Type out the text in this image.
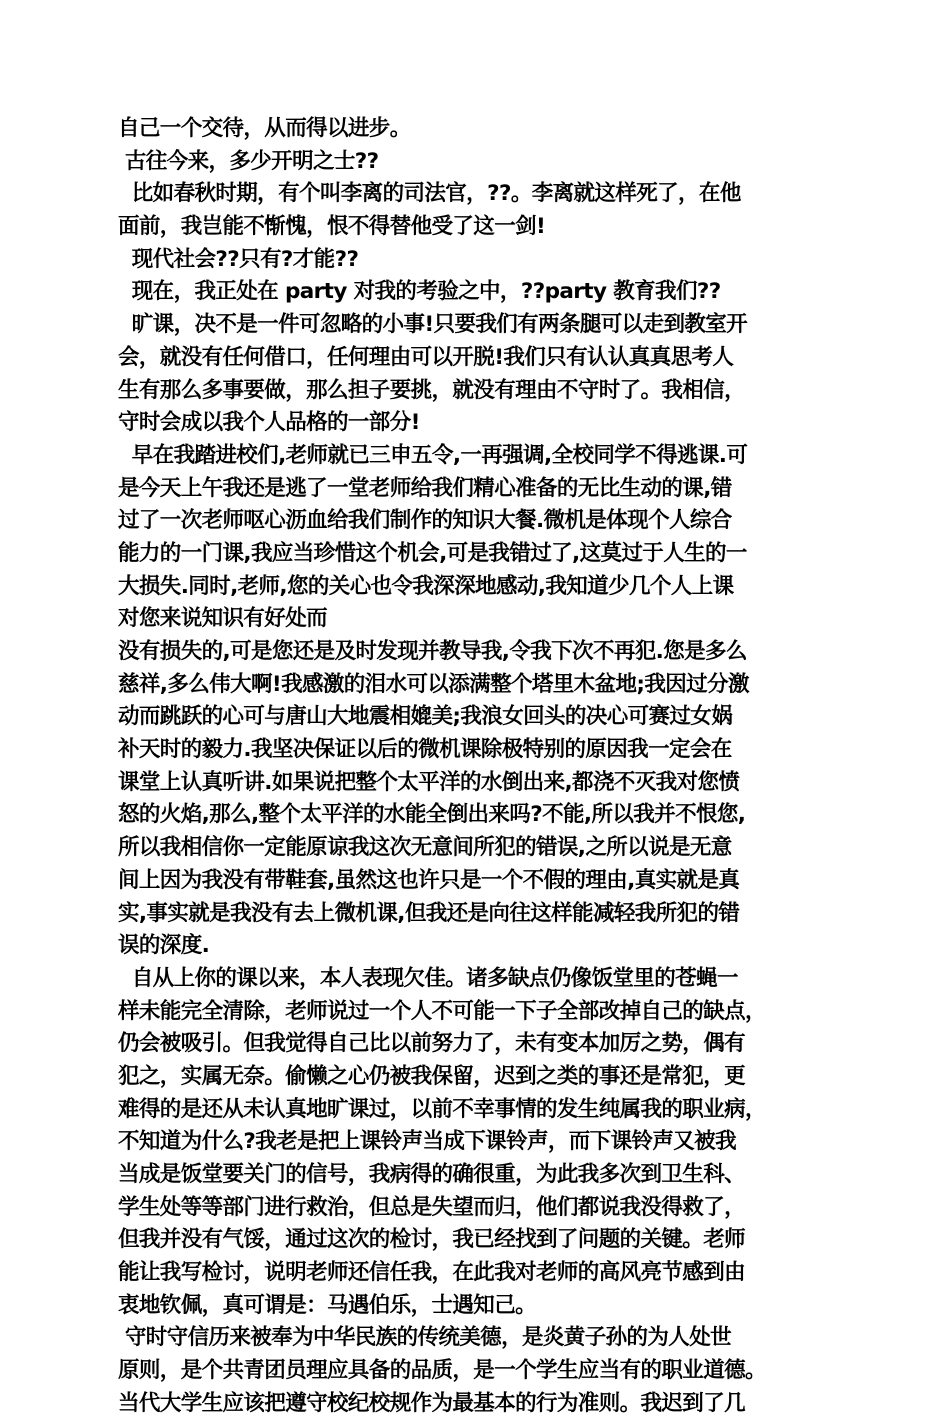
自己一个交待，从而得以进步。
古往今来，多少开明之士??
比如春秋时期，有个叫李离的司法官，??。李离就这样死了，在他
面前，我岂能不惭愧，恨不得替他受了这一剑!
现代社会??只有?才能??
现在，我正处在 party 对我的考验之中，??party 教育我们??
旷课，决不是一件可忽略的小事!只要我们有两条腿可以走到教室开
会，就没有任何借口，任何理由可以开脱!我们只有认认真真思考人
生有那么多事要做，那么担子要挑，就没有理由不守时了。我相信，
守时会成以我个人品格的一部分!
早在我踏进校们,老师就已三申五令,一再强调,全校同学不得逃课.可
是今天上午我还是逃了一堂老师给我们精心准备的无比生动的课,错
过了一次老师呕心沥血给我们制作的知识大餐.微机是体现个人综合
能力的一门课,我应当珍惜这个机会,可是我错过了,这莫过于人生的一
大损失.同时,老师,您的关心也令我深深地感动,我知道少几个人上课
对您来说知识有好处而
没有损失的,可是您还是及时发现并教导我,令我下次不再犯.您是多么
慈祥,多么伟大啊!我感激的泪水可以添满整个塔里木盆地;我因过分激
动而跳跃的心可与唐山大地震相媲美;我浪女回头的决心可赛过女娲
补天时的毅力.我坚决保证以后的微机课除极特别的原因我一定会在
课堂上认真听讲.如果说把整个太平洋的水倒出来,都浇不灭我对您愤
怒的火焰,那么,整个太平洋的水能全倒出来吗?不能,所以我并不恨您,
所以我相信你一定能原谅我这次无意间所犯的错误,之所以说是无意
间上因为我没有带鞋套,虽然这也许只是一个不假的理由,真实就是真
实,事实就是我没有去上微机课,但我还是向往这样能减轻我所犯的错
误的深度.
自从上你的课以来，本人表现欠佳。诸多缺点仍像饭堂里的苍蝇一
样未能完全清除，老师说过一个人不可能一下子全部改掉自己的缺点，
仍会被吸引。但我觉得自己比以前努力了，未有变本加厉之势，偶有
犯之，实属无奈。偷懒之心仍被我保留，迟到之类的事还是常犯，更
难得的是还从未认真地旷课过，以前不幸事情的发生纯属我的职业病，
不知道为什么?我老是把上课铃声当成下课铃声，而下课铃声又被我
当成是饭堂要关门的信号，我病得的确很重，为此我多次到卫生科、
学生处等等部门进行救治，但总是失望而归，他们都说我没得救了，
但我并没有气馁，通过这次的检讨，我已经找到了问题的关键。老师
能让我写检讨，说明老师还信任我，在此我对老师的高风亮节感到由
衷地钦佩，真可谓是：马遇伯乐，士遇知己。
守时守信历来被奉为中华民族的传统美德，是炎黄子孙的为人处世
原则，是个共青团员理应具备的品质，是一个学生应当有的职业道德。
当代大学生应该把遵守校纪校规作为最基本的行为准则。我迟到了几
